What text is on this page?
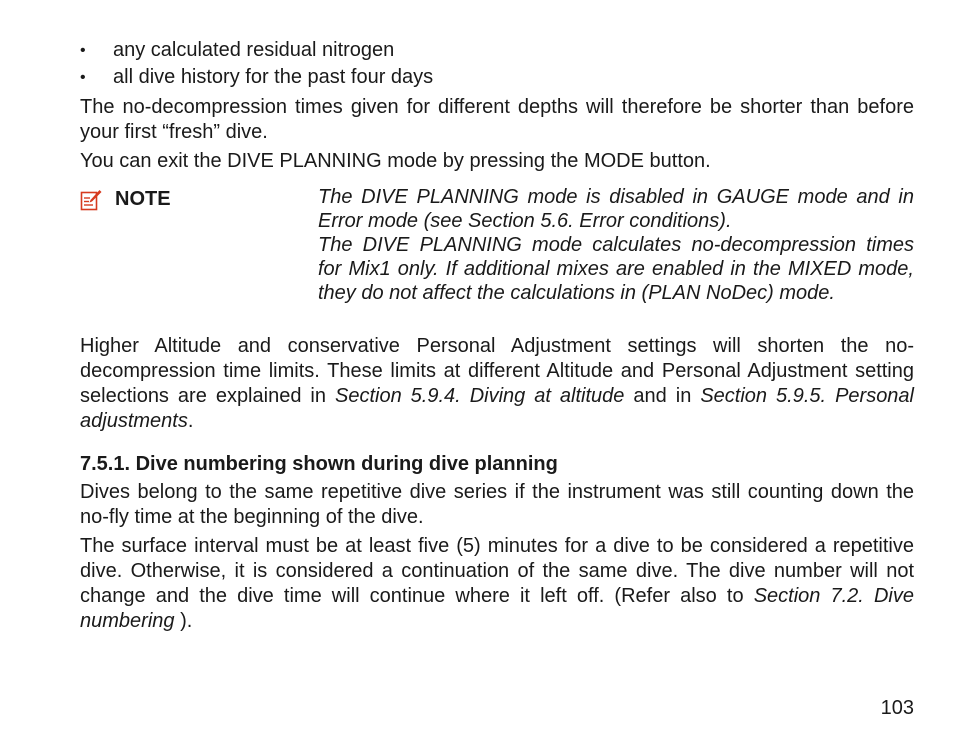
• any calculated residual nitrogen
• all dive history for the past four days

The no-decompression times given for different depths will therefore be shorter than before your first “fresh” dive.

You can exit the DIVE PLANNING mode by pressing the MODE button.

NOTE	The DIVE PLANNING mode is disabled in GAUGE mode and in Error mode (see Section 5.6. Error conditions).

The DIVE PLANNING mode calculates no-decompression times for Mix1 only. If additional mixes are enabled in the MIXED mode, they do not affect the calculations in (PLAN NoDec) mode.

Higher Altitude and conservative Personal Adjustment settings will shorten the no-decompression time limits. These limits at different Altitude and Personal Adjustment setting selections are explained in Section 5.9.4. Diving at altitude and in Section 5.9.5. Personal adjustments.

7.5.1. Dive numbering shown during dive planning

Dives belong to the same repetitive dive series if the instrument was still counting down the no-fly time at the beginning of the dive.

The surface interval must be at least five (5) minutes for a dive to be considered a repetitive dive. Otherwise, it is considered a continuation of the same dive. The dive number will not change and the dive time will continue where it left off. (Refer also to Section 7.2. Dive numbering ).

103
